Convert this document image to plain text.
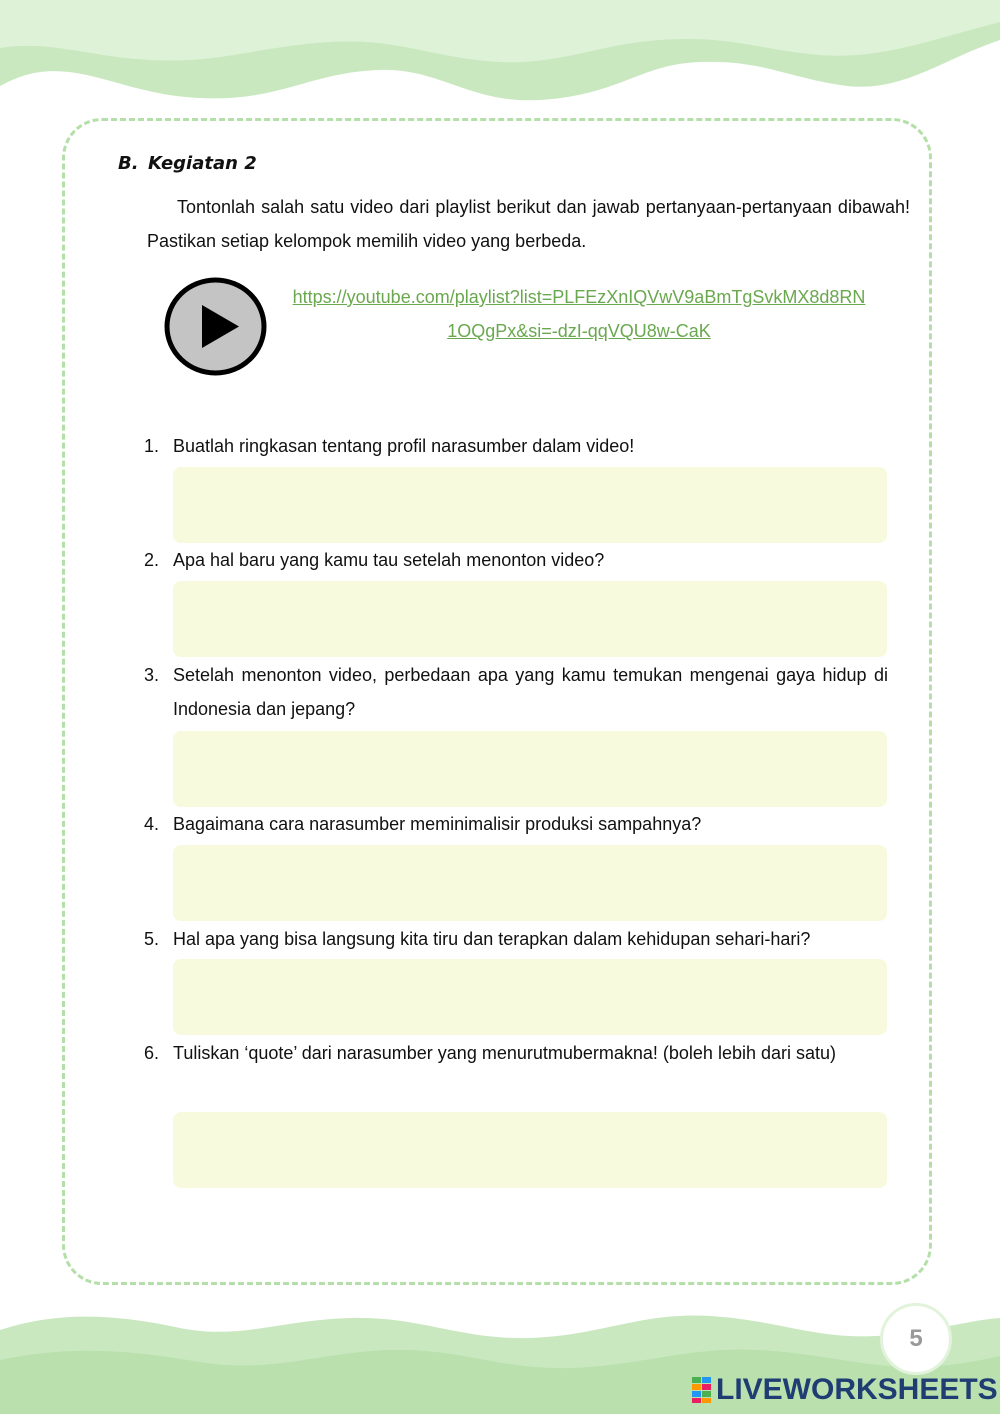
B. Kegiatan 2
Tontonlah salah satu video dari playlist berikut dan jawab pertanyaan-pertanyaan dibawah! Pastikan setiap kelompok memilih video yang berbeda.
https://youtube.com/playlist?list=PLFEzXnIQVwV9aBmTgSvkMX8d8RN1OQgPx&si=-dzI-qqVQU8w-CaK
1. Buatlah ringkasan tentang profil narasumber dalam video!
2. Apa hal baru yang kamu tau setelah menonton video?
3. Setelah menonton video, perbedaan apa yang kamu temukan mengenai gaya hidup di Indonesia dan jepang?
4. Bagaimana cara narasumber meminimalisir produksi sampahnya?
5. Hal apa yang bisa langsung kita tiru dan terapkan dalam kehidupan sehari-hari?
6. Tuliskan ‘quote’ dari narasumber yang menurutmubermakna! (boleh lebih dari satu)
5
LIVEWORKSHEETS
